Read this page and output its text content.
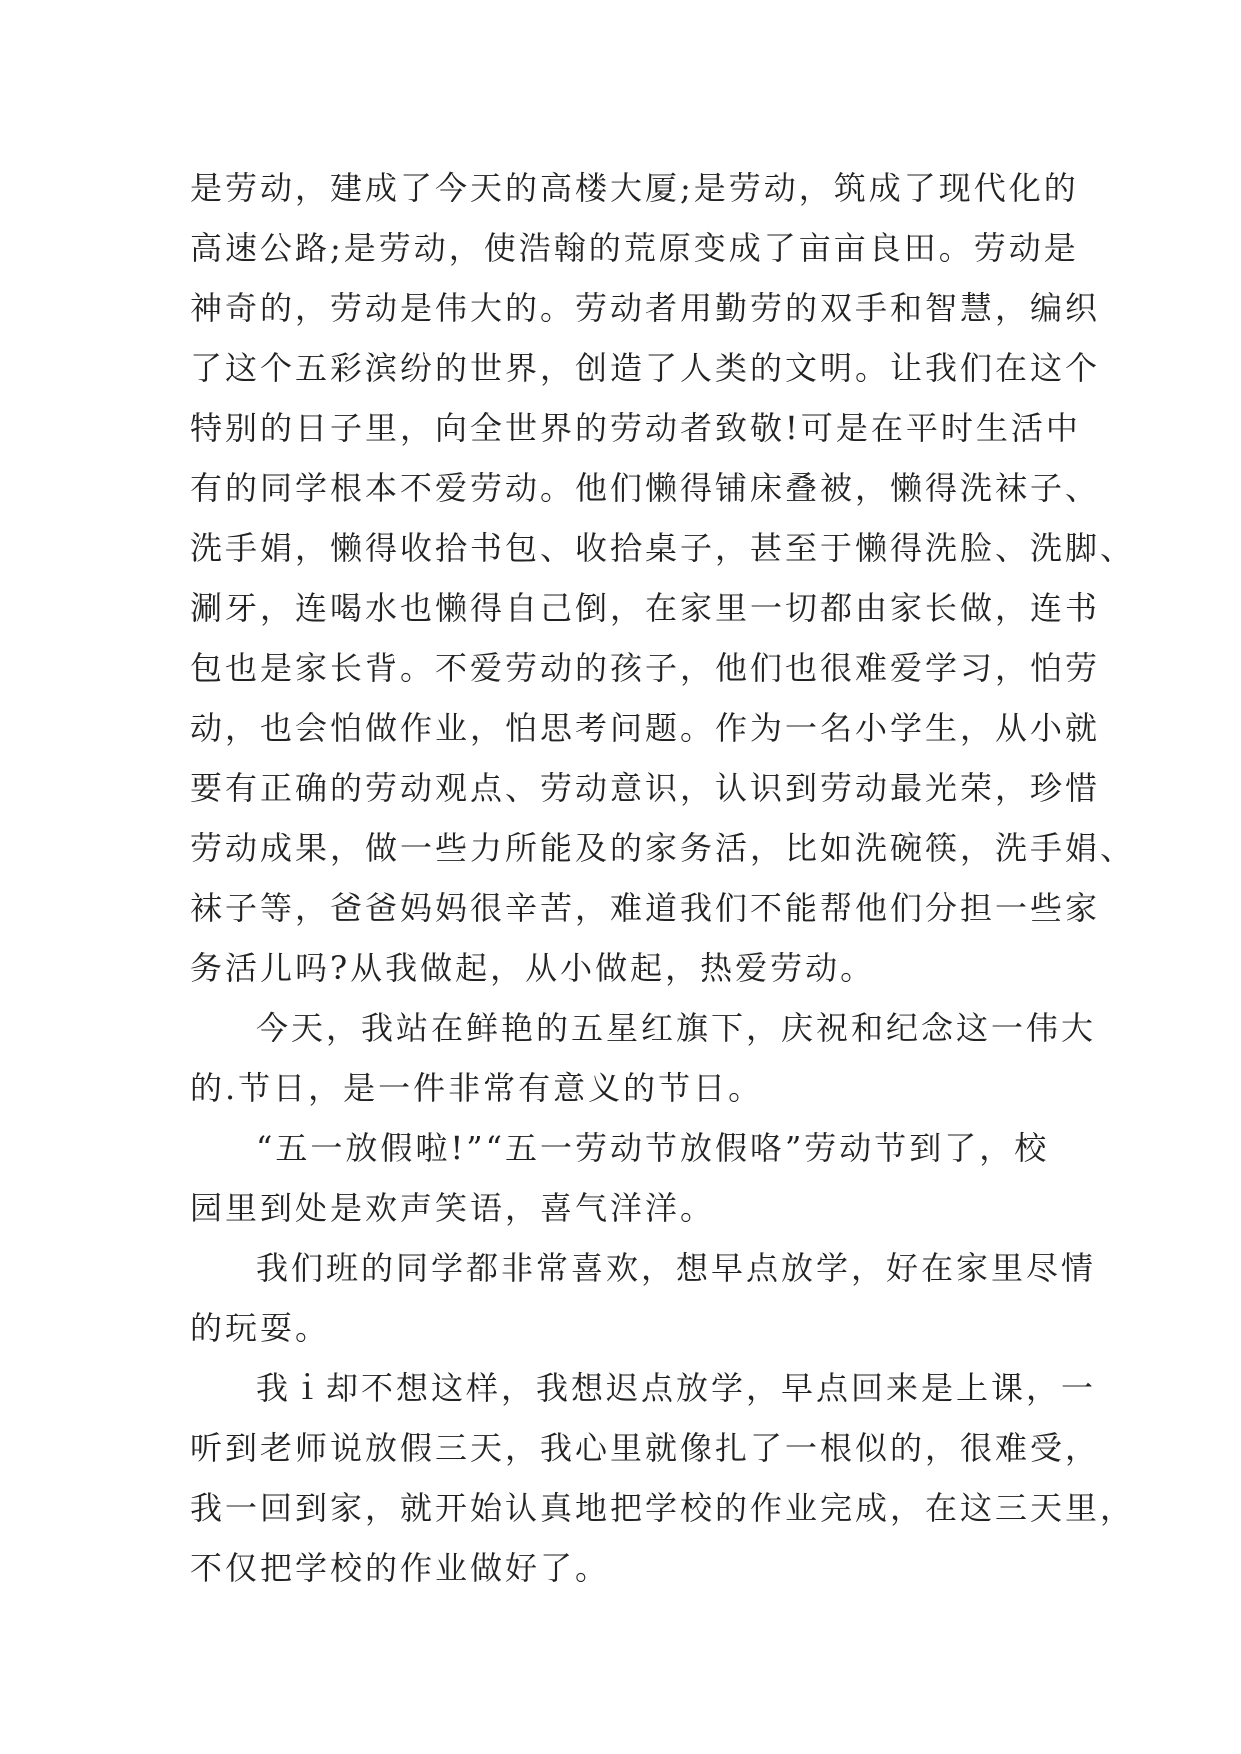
是劳动，建成了今天的高楼大厦;是劳动，筑成了现代化的
高速公路;是劳动，使浩翰的荒原变成了亩亩良田。劳动是
神奇的，劳动是伟大的。劳动者用勤劳的双手和智慧，编织
了这个五彩滨纷的世界，创造了人类的文明。让我们在这个
特别的日子里，向全世界的劳动者致敬!可是在平时生活中
有的同学根本不爱劳动。他们懒得铺床叠被，懒得洗袜子、
洗手娟，懒得收拾书包、收拾桌子，甚至于懒得洗脸、洗脚、
涮牙，连喝水也懒得自己倒，在家里一切都由家长做，连书
包也是家长背。不爱劳动的孩子，他们也很难爱学习，怕劳
动，也会怕做作业，怕思考问题。作为一名小学生，从小就
要有正确的劳动观点、劳动意识，认识到劳动最光荣，珍惜
劳动成果，做一些力所能及的家务活，比如洗碗筷，洗手娟、
袜子等，爸爸妈妈很辛苦，难道我们不能帮他们分担一些家
务活儿吗?从我做起，从小做起，热爱劳动。
今天，我站在鲜艳的五星红旗下，庆祝和纪念这一伟大
的.节日，是一件非常有意义的节日。
“五一放假啦!”“五一劳动节放假咯”劳动节到了，校
园里到处是欢声笑语，喜气洋洋。
我们班的同学都非常喜欢，想早点放学，好在家里尽情
的玩耍。
我ｉ却不想这样，我想迟点放学，早点回来是上课，一
听到老师说放假三天，我心里就像扎了一根似的，很难受，
我一回到家，就开始认真地把学校的作业完成，在这三天里，
不仅把学校的作业做好了。
